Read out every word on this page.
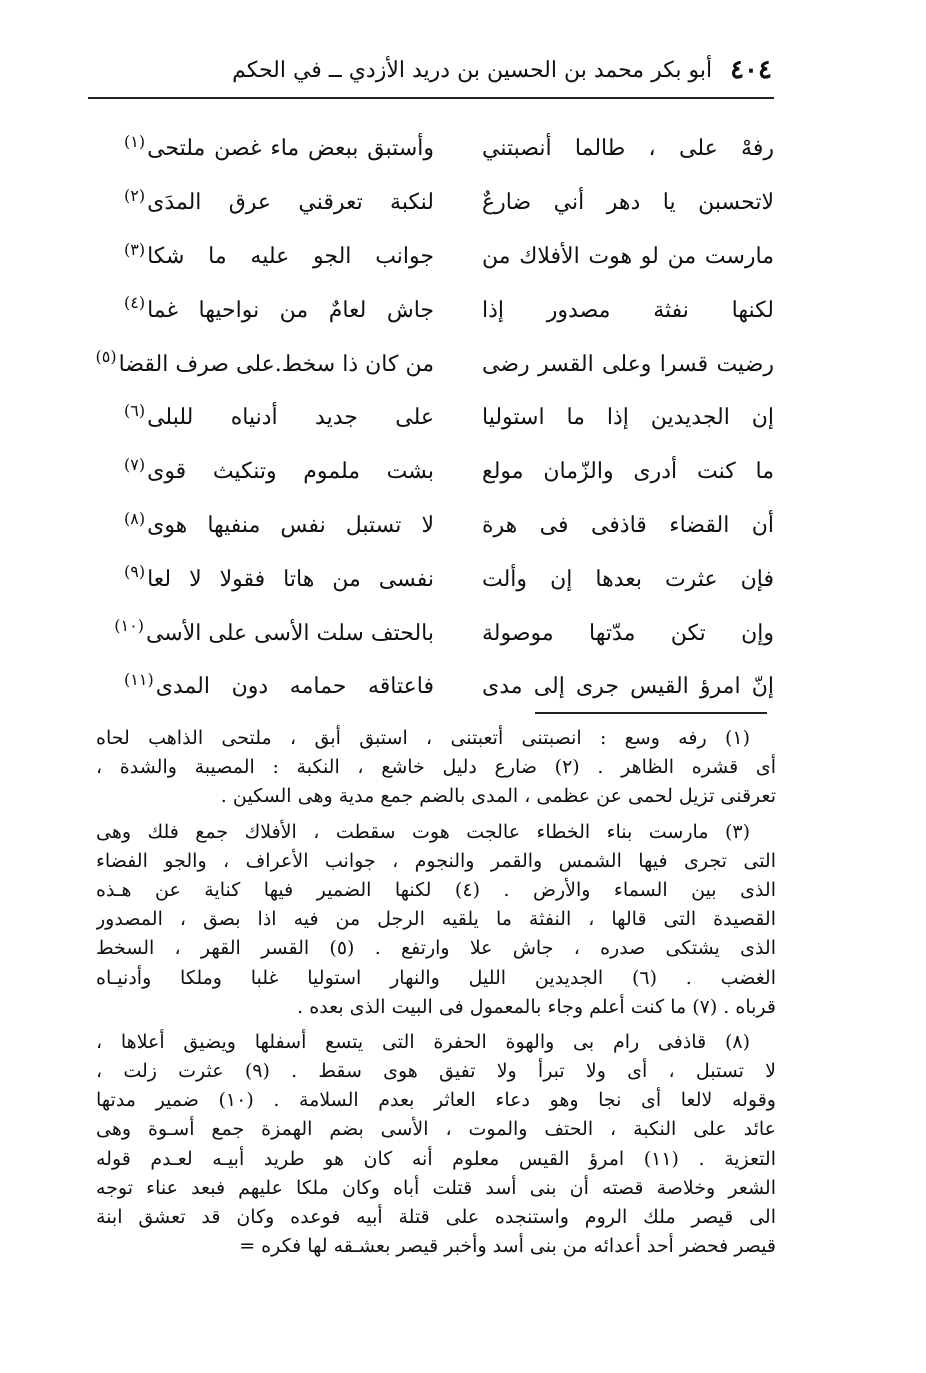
٤٠٤
أبو بكر محمد بن الحسين بن دريد الأزدي ــ في الحكم
رفهْ على ، طالما أنصبتني
وأستبق ببعض ماء غصن ملتحى$^{(١)}$
لاتحسبن يا دهر أني ضارعٌ
لنكبة تعرقني عرق المدَى$^{(٢)}$
مارست من لو هوت الأفلاك من
جوانب الجو عليه ما شكا$^{(٣)}$
لكنها نفثة مصدور إذا
جاش لعامٌ من نواحيها غما$^{(٤)}$
رضيت قسرا وعلى القسر رضى
من كان ذا سخط.على صرف القضا$^{(٥)}$
إن الجديدين إذا ما استوليا
على جديد أدنياه للبلى$^{(٦)}$
ما كنت أدرى والزّمان مولع
بشت ملموم وتنكيث قوى$^{(٧)}$
أن القضاء قاذفى فى هرة
لا تستبل نفس منفيها هوى$^{(٨)}$
فإن عثرت بعدها إن وألت
نفسى من هاتا فقولا لا لعا$^{(٩)}$
وإن تكن مدّتها موصولة
بالحتف سلت الأسى على الأسى$^{(١٠)}$
إنّ امرؤ القيس جرى إلى مدى
فاعتاقه حمامه دون المدى$^{(١١)}$
(١) رفه وسع : انصبتنى أتعبتنى ، استبق أبق ، ملتحى الذاهب لحاه
أى قشره الظاهر . (٢) ضارع دليل خاشع ، النكبة : المصيبة والشدة ،
تعرقنى تزيل لحمى عن عظمى ، المدى بالضم جمع مدية وهى السكين .
(٣) مارست بناء الخطاء عالجت هوت سقطت ، الأفلاك جمع فلك وهى
التى تجرى فيها الشمس والقمر والنجوم ، جوانب الأعراف ، والجو الفضاء
الذى بين السماء والأرض . (٤) لكنها الضمير فيها كناية عن هـذه
القصيدة التى قالها ، النفثة ما يلقيه الرجل من فيه اذا بصق ، المصدور
الذى يشتكى صدره ، جاش علا وارتفع . (٥) القسر القهر ، السخط
الغضب . (٦) الجديدين الليل والنهار استوليا غلبا وملكا وأدنيـاه
قرباه . (٧) ما كنت أعلم وجاء بالمعمول فى البيت الذى بعده .
(٨) قاذفى رام بى والهوة الحفرة التى يتسع أسفلها ويضيق أعلاها ،
لا تستبل ، أى ولا تبرأ ولا تفيق هوى سقط . (٩) عثرت زلت ،
وقوله لالعا أى نجا وهو دعاء العاثر بعدم السلامة . (١٠) ضمير مدتها
عائد على النكبة ، الحتف والموت ، الأسى بضم الهمزة جمع أسـوة وهى
التعزية . (١١) امرؤ القيس معلوم أنه كان هو طريد أبيـه لعـدم قوله
الشعر وخلاصة قصته أن بنى أسد قتلت أباه وكان ملكا عليهم فبعد عناء توجه
الى قيصر ملك الروم واستنجده على قتلة أبيه فوعده وكان قد تعشق ابنة
قيصر فحضر أحد أعدائه من بنى أسد وأخبر قيصر بعشـقه لها فكره =
